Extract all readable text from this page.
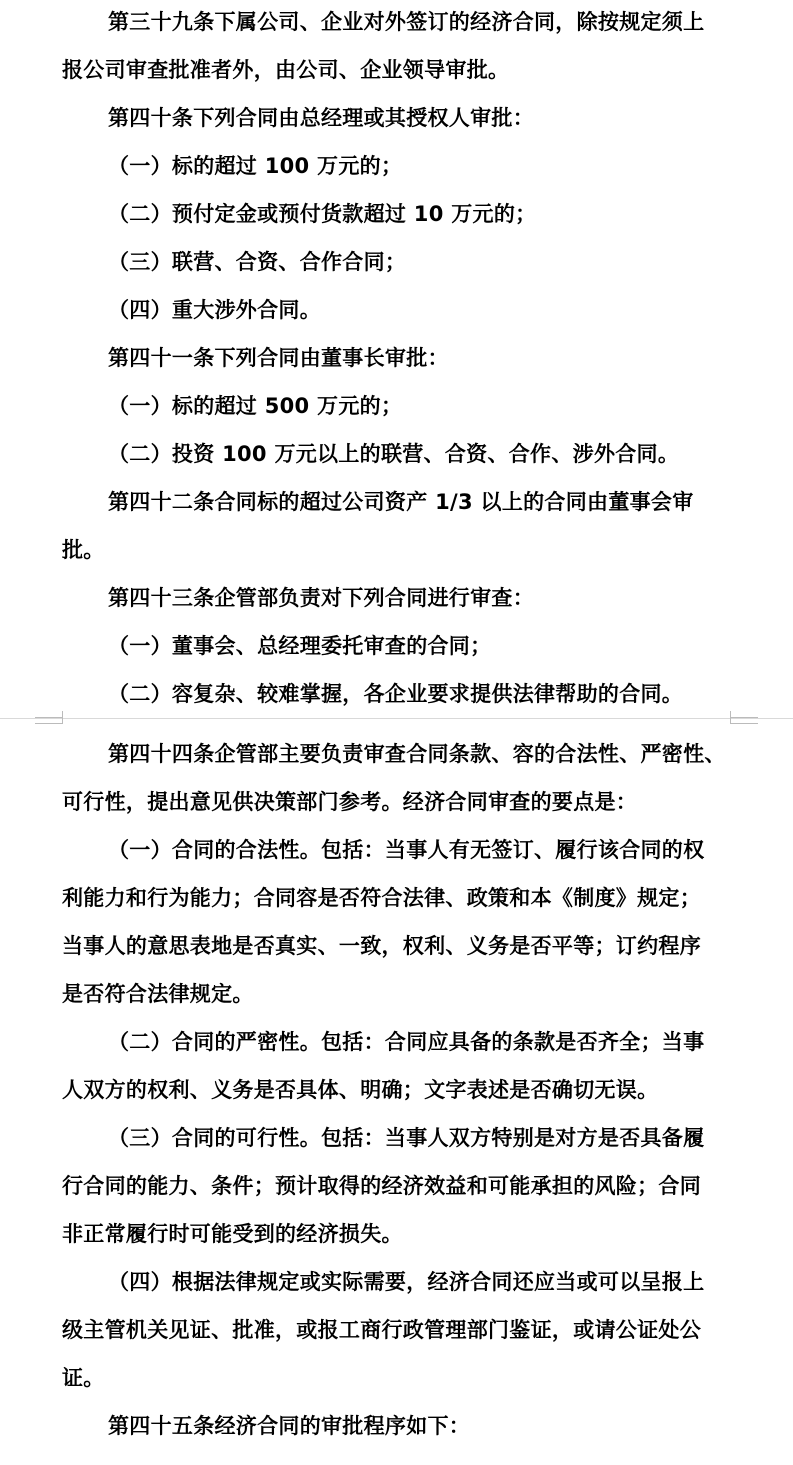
第三十九条下属公司、企业对外签订的经济合同，除按规定须上
报公司审查批准者外，由公司、企业领导审批。
第四十条下列合同由总经理或其授权人审批：
（一）标的超过 100 万元的；
（二）预付定金或预付货款超过 10 万元的；
（三）联营、合资、合作合同；
（四）重大涉外合同。
第四十一条下列合同由董事长审批：
（一）标的超过 500 万元的；
（二）投资 100 万元以上的联营、合资、合作、涉外合同。
第四十二条合同标的超过公司资产 1/3 以上的合同由董事会审
批。
第四十三条企管部负责对下列合同进行审查：
（一）董事会、总经理委托审查的合同；
（二）容复杂、较难掌握，各企业要求提供法律帮助的合同。
第四十四条企管部主要负责审查合同条款、容的合法性、严密性、
可行性，提出意见供决策部门参考。经济合同审查的要点是：
（一）合同的合法性。包括：当事人有无签订、履行该合同的权
利能力和行为能力；合同容是否符合法律、政策和本《制度》规定；
当事人的意思表地是否真实、一致，权利、义务是否平等；订约程序
是否符合法律规定。
（二）合同的严密性。包括：合同应具备的条款是否齐全；当事
人双方的权利、义务是否具体、明确；文字表述是否确切无误。
（三）合同的可行性。包括：当事人双方特别是对方是否具备履
行合同的能力、条件；预计取得的经济效益和可能承担的风险；合同
非正常履行时可能受到的经济损失。
（四）根据法律规定或实际需要，经济合同还应当或可以呈报上
级主管机关见证、批准，或报工商行政管理部门鉴证，或请公证处公
证。
第四十五条经济合同的审批程序如下：
